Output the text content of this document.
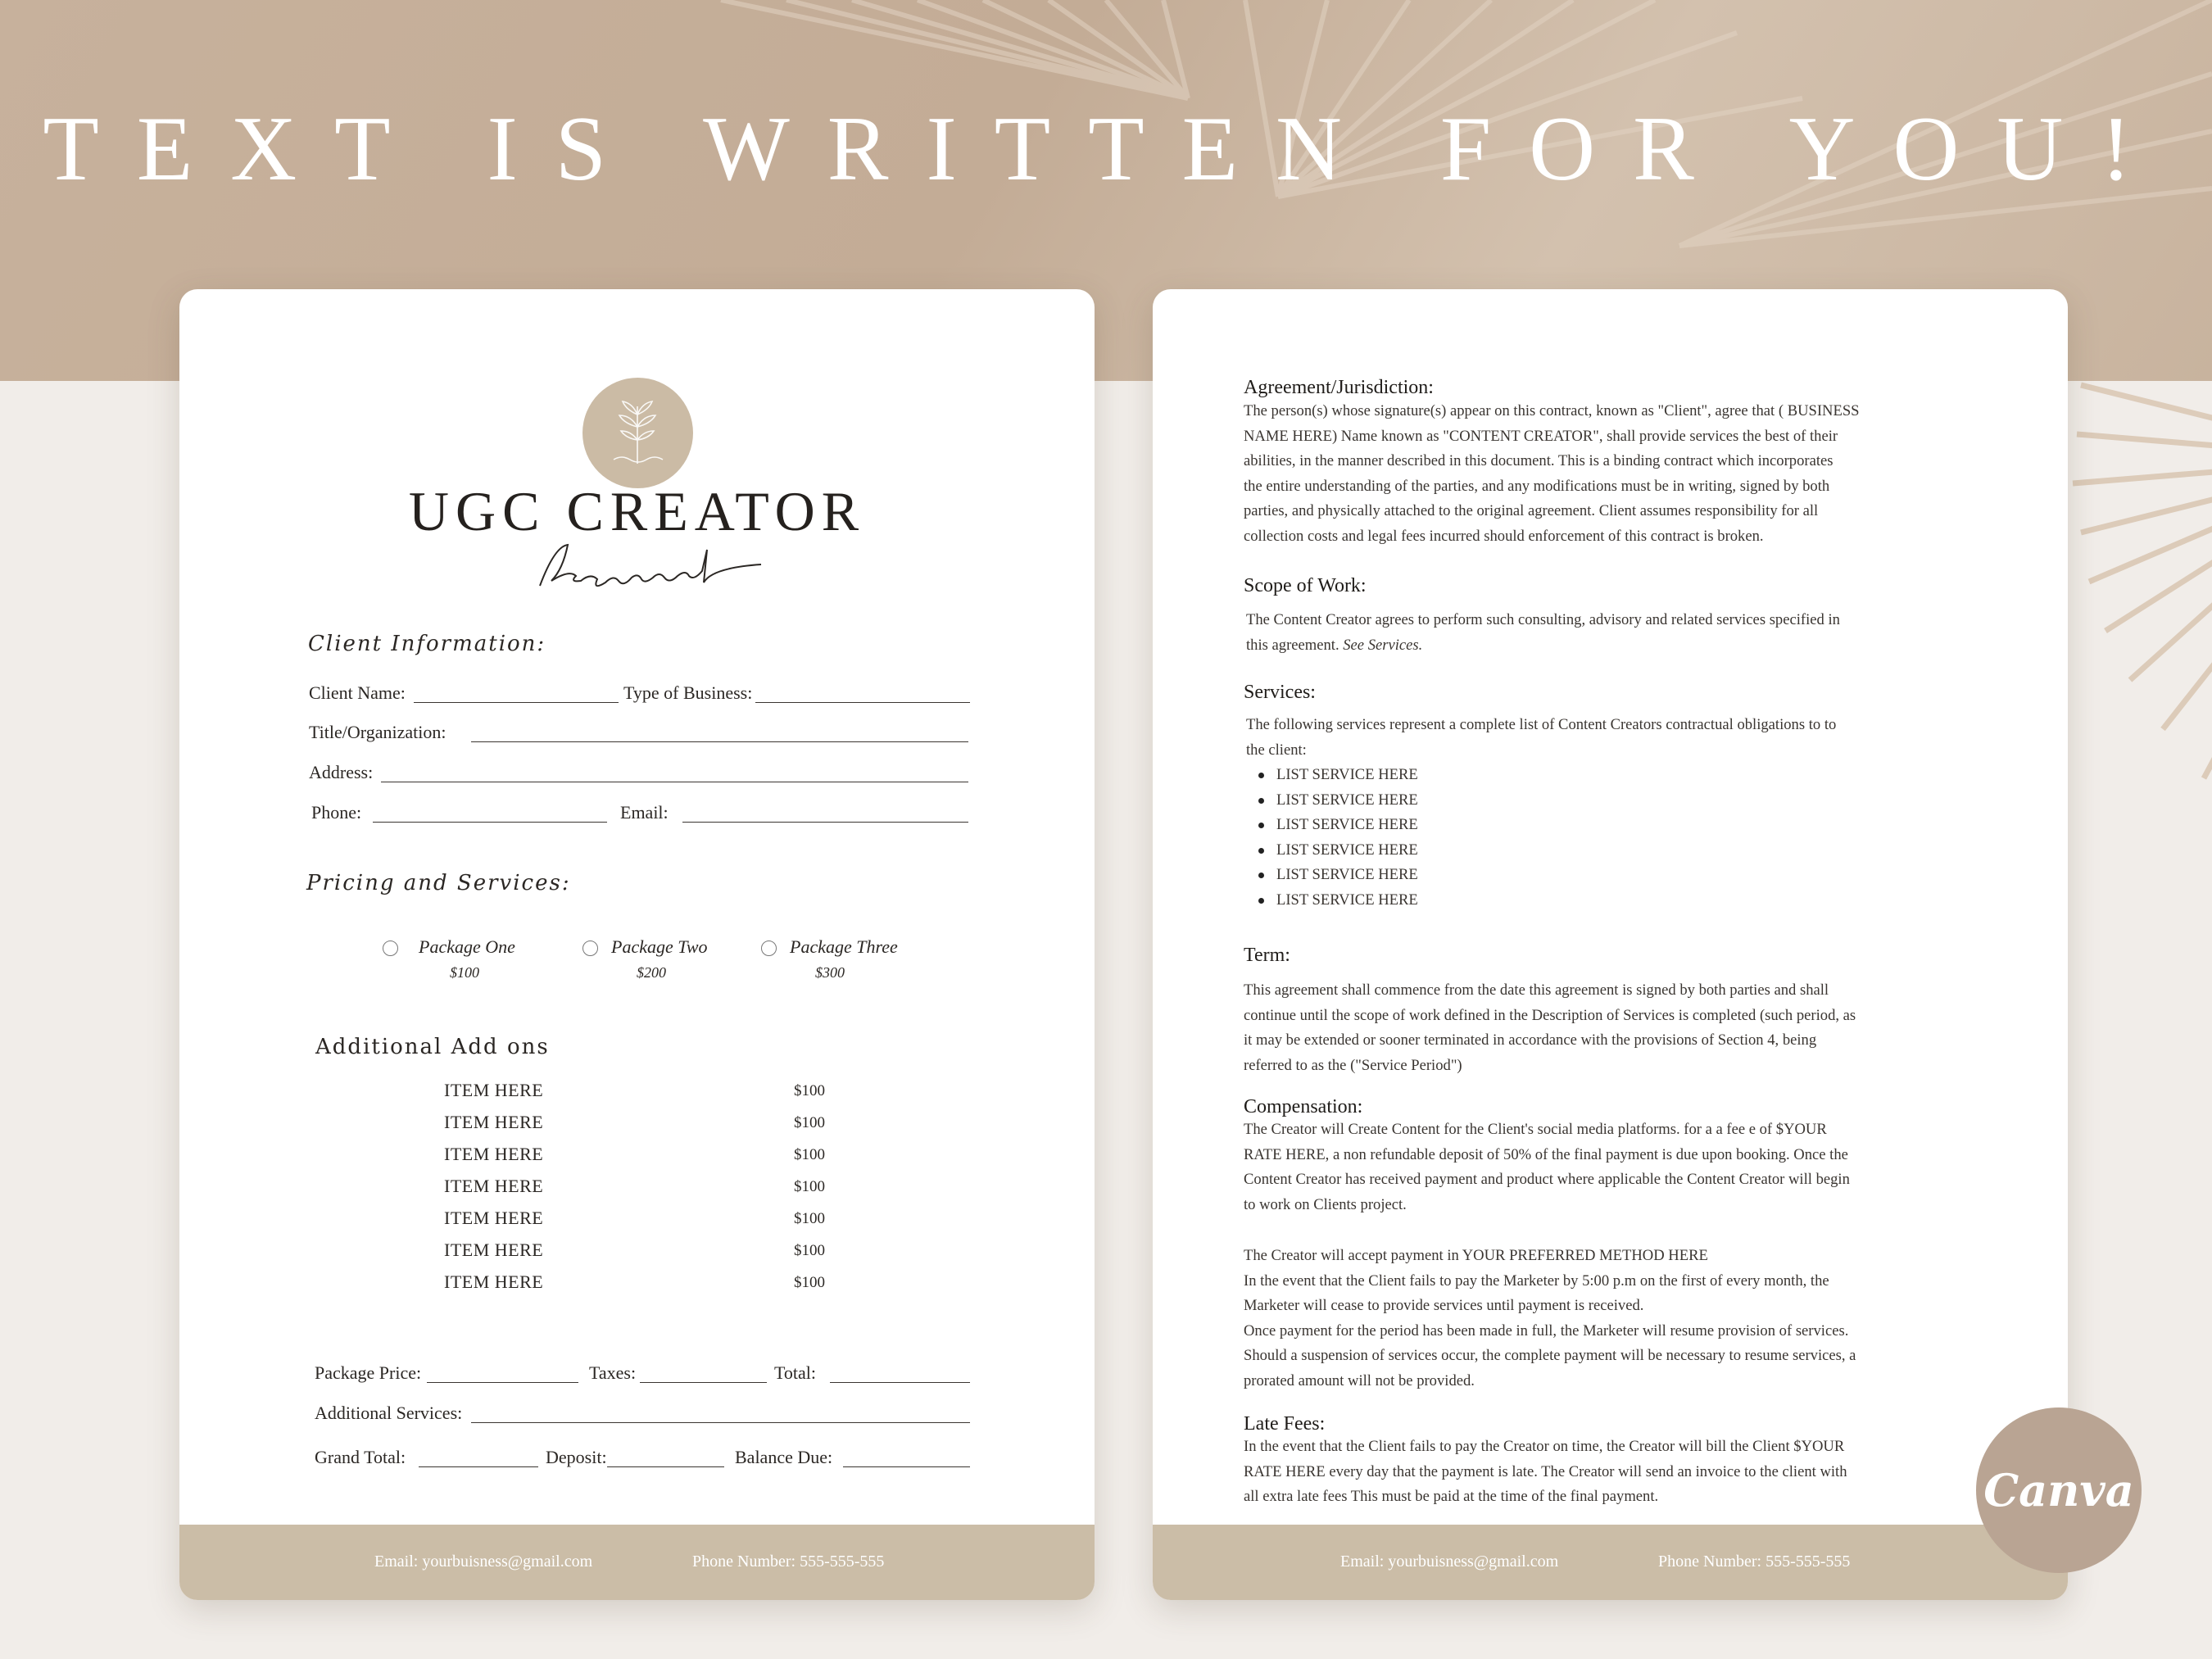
TEXT IS WRITTEN FOR YOU!
UGC CREATOR
Client Information:
Client Name:	Type of Business:
Title/Organization:
Address:
Phone:	Email:
Pricing and Services:
Package One
$100
Package Two
$200
Package Three
$300
Additional Add ons
ITEM HERE	$100
ITEM HERE	$100
ITEM HERE	$100
ITEM HERE	$100
ITEM HERE	$100
ITEM HERE	$100
ITEM HERE	$100
Package Price:	Taxes:	Total:
Additional Services:
Grand Total:	Deposit:	Balance Due:
Email: yourbuisness@gmail.com	Phone Number: 555-555-555
Agreement/Jurisdiction:
The person(s) whose signature(s) appear on this contract, known as "Client", agree that ( BUSINESS
NAME HERE) Name known as "CONTENT CREATOR", shall provide services the best of their
abilities, in the manner described in this document. This is a binding contract which incorporates
the entire understanding of the parties, and any modifications must be in writing, signed by both
parties, and physically attached to the original agreement. Client assumes responsibility for all
collection costs and legal fees incurred should enforcement of this contract is broken.
Scope of Work:
The Content Creator agrees to perform such consulting, advisory and related services specified in
this agreement. See Services.
Services:
The following services represent a complete list of Content Creators contractual obligations to to
the client:
LIST SERVICE HERE
LIST SERVICE HERE
LIST SERVICE HERE
LIST SERVICE HERE
LIST SERVICE HERE
LIST SERVICE HERE
Term:
This agreement shall commence from the date this agreement is signed by both parties and shall
continue until the scope of work defined in the Description of Services is completed (such period, as
it may be extended or sooner terminated in accordance with the provisions of Section 4, being
referred to as the ("Service Period")
Compensation:
The Creator will Create Content for the Client's social media platforms. for a a fee e of $YOUR
RATE HERE, a non refundable deposit of 50% of the final payment is due upon booking. Once the
Content Creator has received payment and product where applicable the Content Creator will begin
to work on Clients project.
The Creator will accept payment in YOUR PREFERRED METHOD HERE
In the event that the Client fails to pay the Marketer by 5:00 p.m on the first of every month, the
Marketer will cease to provide services until payment is received.
Once payment for the period has been made in full, the Marketer will resume provision of services.
Should a suspension of services occur, the complete payment will be necessary to resume services, a
prorated amount will not be provided.
Late Fees:
In the event that the Client fails to pay the Creator on time, the Creator will bill the Client $YOUR
RATE HERE every day that the payment is late. The Creator will send an invoice to the client with
all extra late fees This must be paid at the time of the final payment.
Email: yourbuisness@gmail.com	Phone Number: 555-555-555
Canva
